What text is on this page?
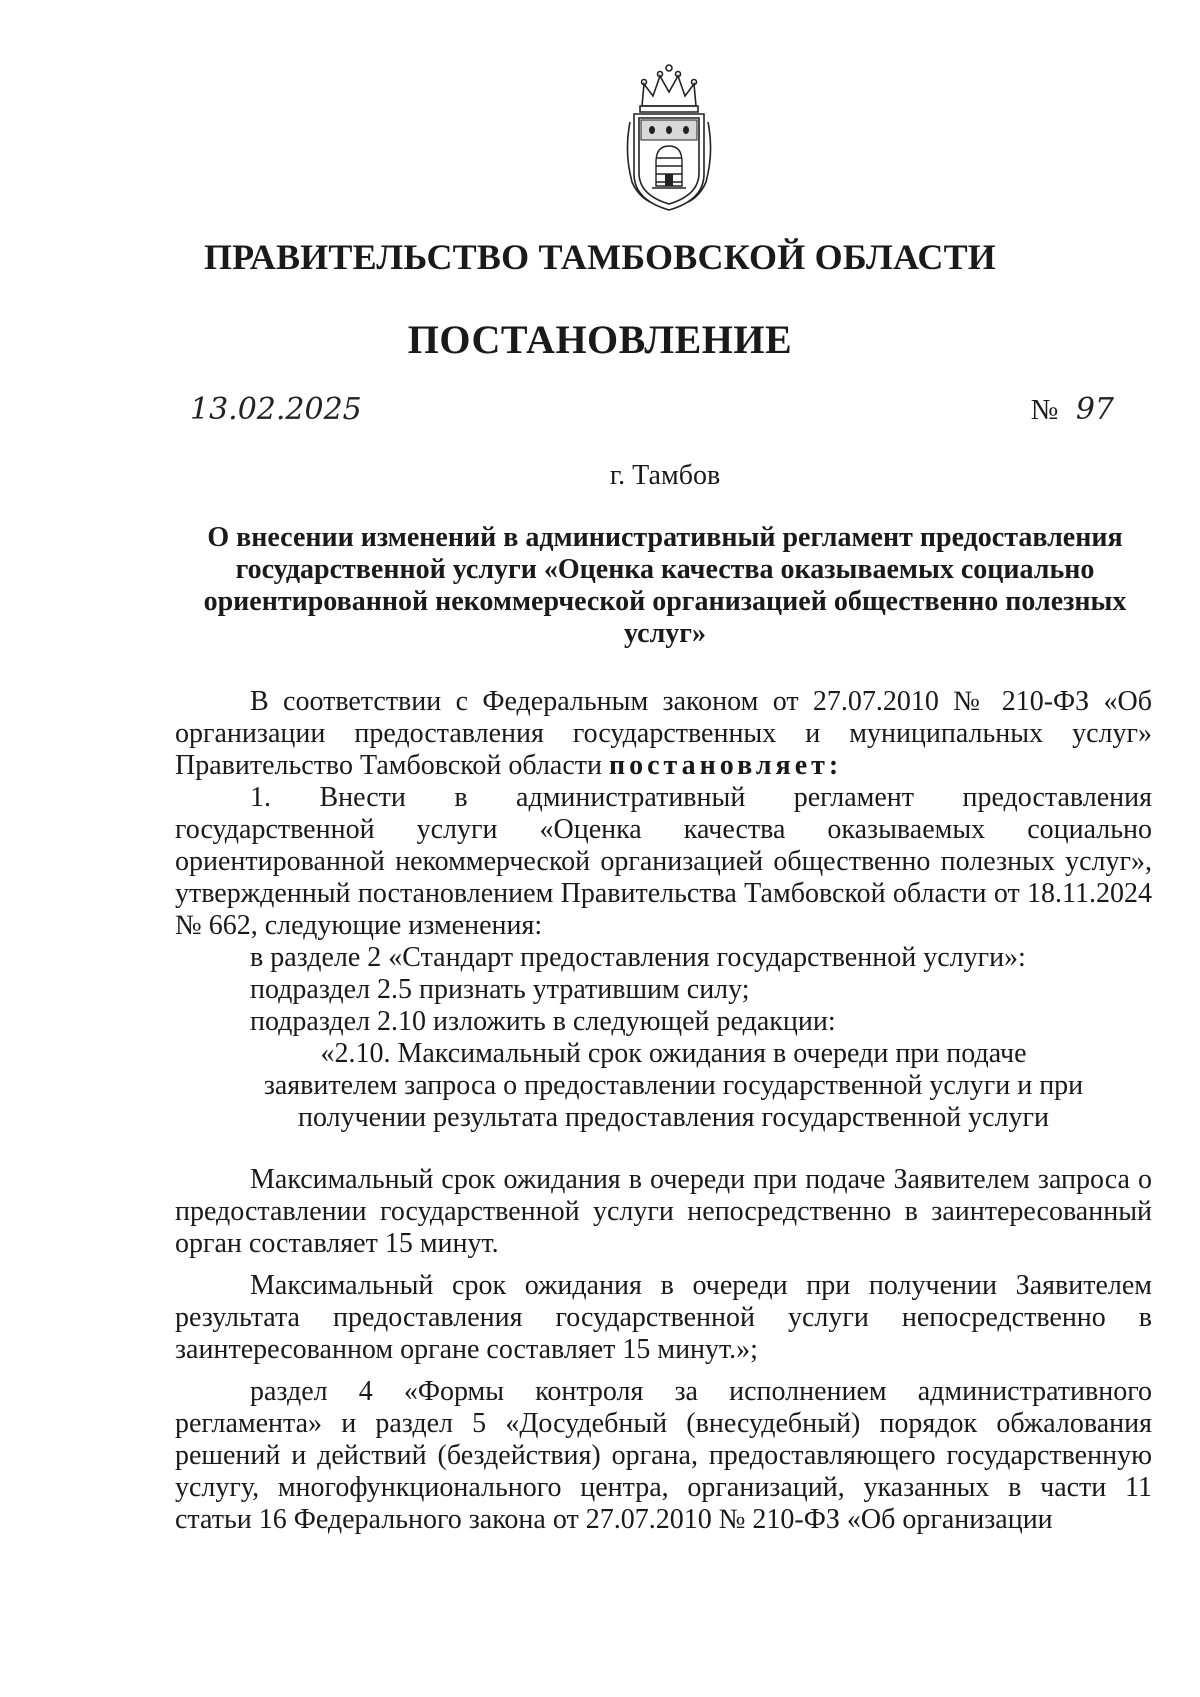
ПРАВИТЕЛЬСТВО ТАМБОВСКОЙ ОБЛАСТИ
ПОСТАНОВЛЕНИЕ
13.02.2025	№ 97
г. Тамбов
О внесении изменений в административный регламент предоставления государственной услуги «Оценка качества оказываемых социально ориентированной некоммерческой организацией общественно полезных услуг»

В соответствии с Федеральным законом от 27.07.2010 № 210-ФЗ «Об организации предоставления государственных и муниципальных услуг» Правительство Тамбовской области постановляет:

1. Внести в административный регламент предоставления

государственной услуги «Оценка качества оказываемых социально ориентированной некоммерческой организацией общественно полезных услуг», утвержденный постановлением Правительства Тамбовской области от 18.11.2024 № 662, следующие изменения:

в разделе 2 «Стандарт предоставления государственной услуги»:

подраздел 2.5 признать утратившим силу;

подраздел 2.10 изложить в следующей редакции:

«2.10. Максимальный срок ожидания в очереди при подаче заявителем запроса о предоставлении государственной услуги и при получении результата предоставления государственной услуги

Максимальный срок ожидания в очереди при подаче Заявителем запроса о предоставлении государственной услуги непосредственно в заинтересованный орган составляет 15 минут.

Максимальный срок ожидания в очереди при получении Заявителем результата предоставления государственной услуги непосредственно в заинтересованном органе составляет 15 минут.»;

раздел 4 «Формы контроля за исполнением административного регламента» и раздел 5 «Досудебный (внесудебный) порядок обжалования решений и действий (бездействия) органа, предоставляющего государственную услугу, многофункционального центра, организаций, указанных в части 11 статьи 16 Федерального закона от 27.07.2010 № 210-ФЗ «Об организации
